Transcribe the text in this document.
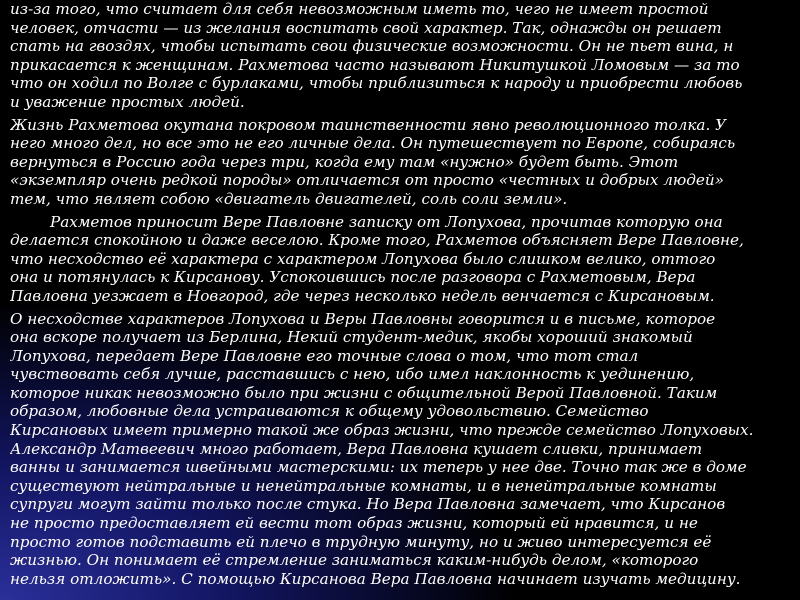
из-за того, что считает для себя невозможным иметь то, чего не имеет простой
человек, отчасти — из желания воспитать свой характер. Так, однажды он решает
спать на гвоздях, чтобы испытать свои физические возможности. Он не пьет вина, н
прикасается к женщинам. Рахметова часто называют Никитушкой Ломовым — за то
что он ходил по Волге с бурлаками, чтобы приблизиться к народу и приобрести любовь
и уважение простых людей.
Жизнь Рахметова окутана покровом таинственности явно революционного толка. У
него много дел, но все это не его личные дела. Он путешествует по Европе, собираясь
вернуться в Россию года через три, когда ему там «нужно» будет быть. Этот
«экземпляр очень редкой породы» отличается от просто «честных и добрых людей»
тем, что являет собою «двигатель двигателей, соль соли земли».
Рахметов приносит Вере Павловне записку от Лопухова, прочитав которую она
делается спокойною и даже веселою. Кроме того, Рахметов объясняет Вере Павловне,
что несходство её характера с характером Лопухова было слишком велико, оттого
она и потянулась к Кирсанову. Успокоившись после разговора с Рахметовым, Вера
Павловна уезжает в Новгород, где через несколько недель венчается с Кирсановым.
О несходстве характеров Лопухова и Веры Павловны говорится и в письме, которое
она вскоре получает из Берлина, Некий студент-медик, якобы хороший знакомый
Лопухова, передает Вере Павловне его точные слова о том, что тот стал
чувствовать себя лучше, расставшись с нею, ибо имел наклонность к уединению,
которое никак невозможно было при жизни с общительной Верой Павловной. Таким
образом, любовные дела устраиваются к общему удовольствию. Семейство
Кирсановых имеет примерно такой же образ жизни, что прежде семейство Лопуховых.
Александр Матвеевич много работает, Вера Павловна кушает сливки, принимает
ванны и занимается швейными мастерскими: их теперь у нее две. Точно так же в доме
существуют нейтральные и ненейтральные комнаты, и в ненейтральные комнаты
супруги могут зайти только после стука. Но Вера Павловна замечает, что Кирсанов
не просто предоставляет ей вести тот образ жизни, который ей нравится, и не
просто готов подставить ей плечо в трудную минуту, но и живо интересуется её
жизнью. Он понимает её стремление заниматься каким-нибудь делом, «которого
нельзя отложить». С помощью Кирсанова Вера Павловна начинает изучать медицину.
